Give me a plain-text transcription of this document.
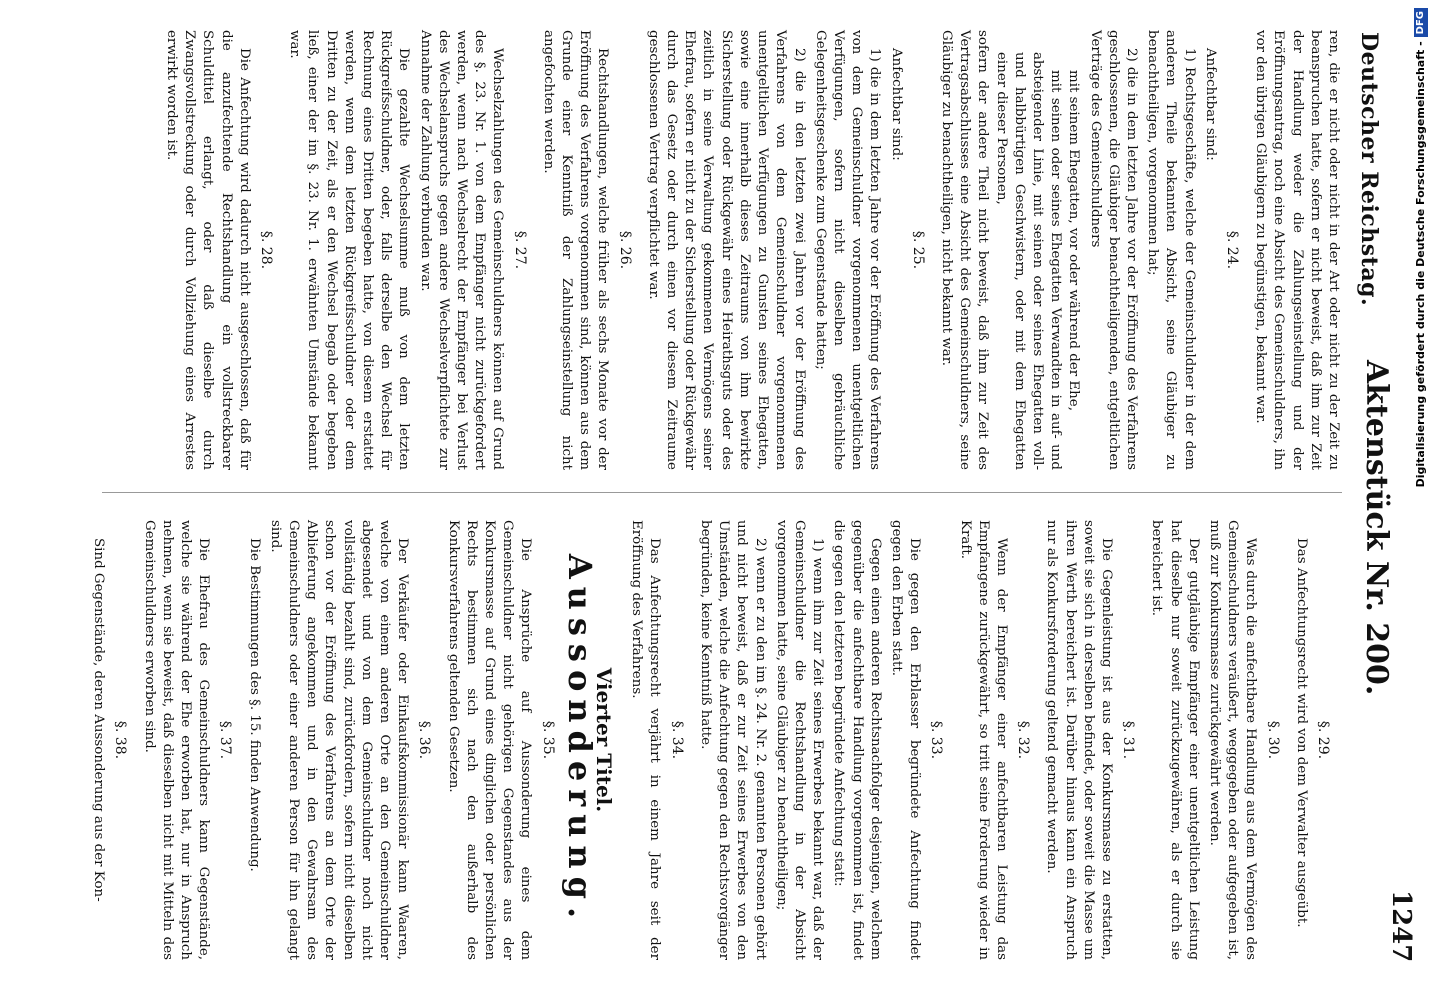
Deutscher Reichstag.
Aktenstück Nr. 200.
1247

ren, die er nicht oder nicht in der Art oder nicht zu der Zeit zu beanspruchen hatte, sofern er nicht beweist, daß ihm zur Zeit der Handlung weder die Zahlungseinstellung und der Eröffnungsantrag, noch eine Absicht des Gemeinschuldners, ihn vor den übrigen Gläubigern zu begünstigen, bekannt war.

§. 24.

Anfechtbar sind:

1) Rechtsgeschäfte, welche der Gemeinschuldner in der dem anderen Theile bekannten Absicht, seine Gläubiger zu benachtheiligen, vorgenommen hat;

2) die in dem letzten Jahre vor der Eröffnung des Verfahrens geschlossenen, die Gläubiger benachtheiligenden, entgeltlichen Verträge des Gemeinschuldners

mit seinem Ehegatten, vor oder während der Ehe,

mit seinen oder seines Ehegatten Verwandten in auf- und absteigender Linie, mit seinen oder seines Ehegatten voll- und halbbürtigen Geschwistern, oder mit dem Ehegatten einer dieser Personen,

sofern der andere Theil nicht beweist, daß ihm zur Zeit des Vertragsabschlusses eine Absicht des Gemeinschuldners, seine Gläubiger zu benachtheiligen, nicht bekannt war.

§. 25.

Anfechtbar sind:

1) die in dem letzten Jahre vor der Eröffnung des Verfahrens von dem Gemeinschuldner vorgenommenen unentgeltlichen Verfügungen, sofern nicht dieselben gebräuchliche Gelegenheitsgeschenke zum Gegenstande hatten;

2) die in den letzten zwei Jahren vor der Eröffnung des Verfahrens von dem Gemeinschuldner vorgenommenen unentgeltlichen Verfügungen zu Gunsten seines Ehegatten, sowie eine innerhalb dieses Zeitraums von ihm bewirkte Sicherstellung oder Rückgewähr eines Heirathsguts oder des zeitlich in seine Verwaltung gekommenen Vermögens seiner Ehefrau, sofern er nicht zu der Sicherstellung oder Rückgewähr durch das Gesetz oder durch einen vor diesem Zeitraume geschlossenen Vertrag verpflichtet war.

§. 26.

Rechtshandlungen, welche früher als sechs Monate vor der Eröffnung des Verfahrens vorgenommen sind, können aus dem Grunde einer Kenntniß der Zahlungseinstellung nicht angefochten werden.

§. 27.

Wechselzahlungen des Gemeinschuldners können auf Grund des §. 23. Nr. 1. von dem Empfänger nicht zurückgefordert werden, wenn nach Wechselrecht der Empfänger bei Verlust des Wechselanspruchs gegen andere Wechselverpflichtete zur Annahme der Zahlung verbunden war.

Die gezahlte Wechselsumme muß von dem letzten Rückgreifsschuldner, oder, falls derselbe den Wechsel für Rechnung eines Dritten begeben hatte, von diesem erstattet werden, wenn dem letzten Rückgreifsschuldner oder dem Dritten zu der Zeit, als er den Wechsel begab oder begeben ließ, einer der im §. 23. Nr. 1. erwähnten Umstände bekannt war.

§. 28.

Die Anfechtung wird dadurch nicht ausgeschlossen, daß für die anzufechtende Rechtshandlung ein vollstreckbarer Schuldtitel erlangt, oder daß dieselbe durch Zwangsvollstreckung oder durch Vollziehung eines Arrestes erwirkt worden ist.

§. 29.

Das Anfechtungsrecht wird von dem Verwalter ausgeübt.

§. 30.

Was durch die anfechtbare Handlung aus dem Vermögen des Gemeinschuldners veräußert, weggegeben oder aufgegeben ist, muß zur Konkursmasse zurückgewährt werden.

Der gutgläubige Empfänger einer unentgeltlichen Leistung hat dieselbe nur soweit zurückzugewähren, als er durch sie bereichert ist.

§. 31.

Die Gegenleistung ist aus der Konkursmasse zu erstatten, soweit sie sich in derselben befindet, oder soweit die Masse um ihren Werth bereichert ist. Darüber hinaus kann ein Anspruch nur als Konkursforderung geltend gemacht werden.

§. 32.

Wenn der Empfänger einer anfechtbaren Leistung das Empfangene zurückgewährt, so tritt seine Forderung wieder in Kraft.

§. 33.

Die gegen den Erblasser begründete Anfechtung findet gegen den Erben statt.

Gegen einen anderen Rechtsnachfolger desjenigen, welchem gegenüber die anfechtbare Handlung vorgenommen ist, findet die gegen den letzteren begründete Anfechtung statt:

1) wenn ihm zur Zeit seines Erwerbes bekannt war, daß der Gemeinschuldner die Rechtshandlung in der Absicht vorgenommen hatte, seine Gläubiger zu benachtheiligen;

2) wenn er zu den im §. 24. Nr. 2. genannten Personen gehört und nicht beweist, daß er zur Zeit seines Erwerbes von den Umständen, welche die Anfechtung gegen den Rechtsvorgänger begründen, keine Kenntniß hatte.

§. 34.

Das Anfechtungsrecht verjährt in einem Jahre seit der Eröffnung des Verfahrens.

Vierter Titel.
Aussonderung.
§. 35.

Die Ansprüche auf Aussonderung eines dem Gemeinschuldner nicht gehörigen Gegenstandes aus der Konkursmasse auf Grund eines dinglichen oder persönlichen Rechts bestimmen sich nach den außerhalb des Konkursverfahrens geltenden Gesetzen.

§. 36.

Der Verkäufer oder Einkaufskommissionär kann Waaren, welche von einem anderen Orte an den Gemeinschuldner abgesendet und von dem Gemeinschuldner noch nicht vollständig bezahlt sind, zurückfordern, sofern nicht dieselben schon vor der Eröffnung des Verfahrens an dem Orte der Ablieferung angekommen und in den Gewahrsam des Gemeinschuldners oder einer anderen Person für ihn gelangt sind.

Die Bestimmungen des §. 15. finden Anwendung.

§. 37.

Die Ehefrau des Gemeinschuldners kann Gegenstände, welche sie während der Ehe erworben hat, nur in Anspruch nehmen, wenn sie beweist, daß dieselben nicht mit Mitteln des Gemeinschuldners erworben sind.

§. 38.

Sind Gegenstände, deren Aussonderung aus der Kon-

Digitalisierung gefördert durch die Deutsche Forschungsgemeinschaft -DFG
